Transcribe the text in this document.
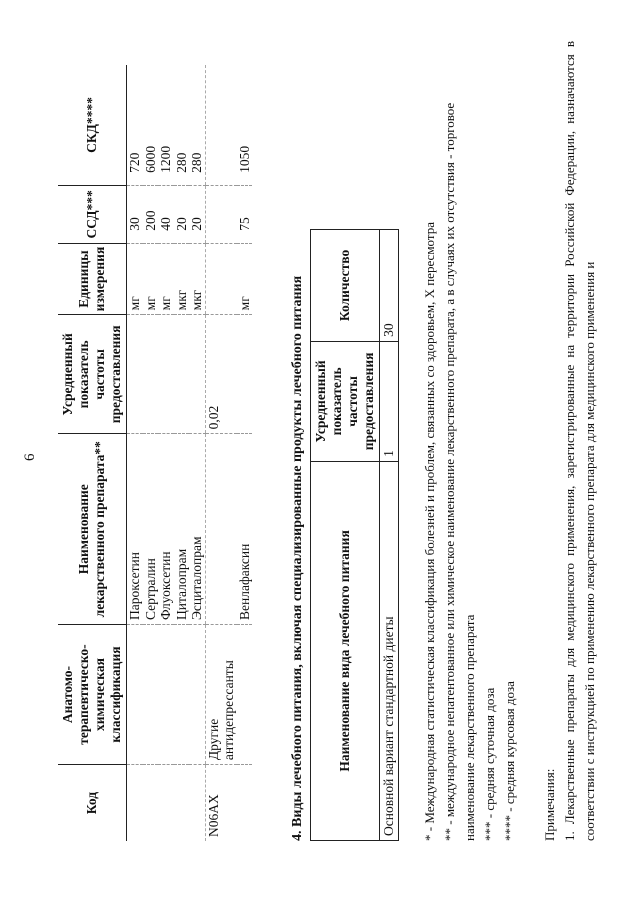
6
Код	Анатомо-терапевтическо-химическая классификация	Наименование лекарственного препарата**	Усредненный показатель частоты предоставления	Единицы измерения	ССД***	СКД****
		Пароксетин		мг	30	720
		Сертралин		мг	200	6000
		Флуоксетин		мг	40	1200
		Циталопрам		мкг	20	280
		Эсциталопрам		мкг	20	280
N06AX	Другие антидепрессанты		0,02			
		Венлафаксин		мг	75	1050
4. Виды лечебного питания, включая специализированные продукты лечебного питания Наименование вида лечебного питания	Усредненный показатель частоты предоставления	Количество
Основной вариант стандартной диеты	1	30 * - Международная статистическая классификация болезней и проблем, связанных со здоровьем, X пересмотра ** - международное непатентованное или химическое наименование лекарственного препарата, а в случаях их отсутствия - торговое наименование лекарственного препарата *** - средняя суточная доза **** - средняя курсовая доза Примечания: 1. Лекарственные препараты для медицинского применения, зарегистрированные на территории Российской Федерации, назначаются в соответствии с инструкцией по применению лекарственного препарата для медицинского применения и
